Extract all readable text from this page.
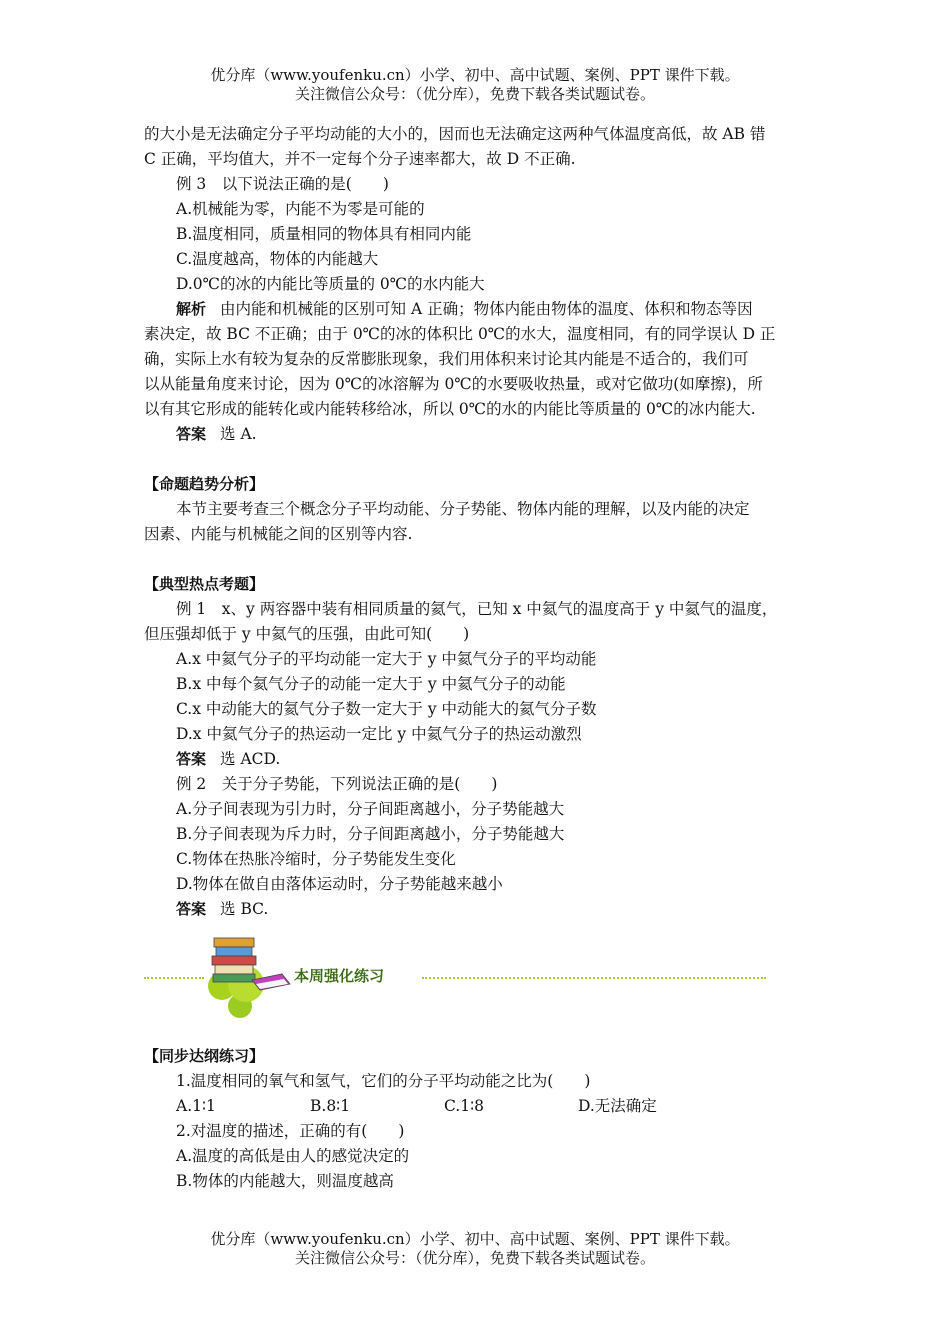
优分库（www.youfenku.cn）小学、初中、高中试题、案例、PPT 课件下载。
关注微信公众号：（优分库），免费下载各类试题试卷。
的大小是无法确定分子平均动能的大小的，因而也无法确定这两种气体温度高低，故 AB 错
C 正确，平均值大，并不一定每个分子速率都大，故 D 不正确.
例 3　以下说法正确的是(　　)
A.机械能为零，内能不为零是可能的
B.温度相同，质量相同的物体具有相同内能
C.温度越高，物体的内能越大
D.0℃的冰的内能比等质量的 0℃的水内能大
解析 由内能和机械能的区别可知 A 正确；物体内能由物体的温度、体积和物态等因
素决定，故 BC 不正确；由于 0℃的冰的体积比 0℃的水大，温度相同，有的同学误认 D 正
确，实际上水有较为复杂的反常膨胀现象，我们用体积来讨论其内能是不适合的，我们可
以从能量角度来讨论，因为 0℃的冰溶解为 0℃的水要吸收热量，或对它做功(如摩擦)，所
以有其它形成的能转化或内能转移给冰，所以 0℃的水的内能比等质量的 0℃的冰内能大.
答案 选 A.
【命题趋势分析】
本节主要考查三个概念分子平均动能、分子势能、物体内能的理解，以及内能的决定
因素、内能与机械能之间的区别等内容.
【典型热点考题】
例 1　x、y 两容器中装有相同质量的氦气，已知 x 中氦气的温度高于 y 中氦气的温度，
但压强却低于 y 中氦气的压强，由此可知(　　)
A.x 中氦气分子的平均动能一定大于 y 中氦气分子的平均动能
B.x 中每个氦气分子的动能一定大于 y 中氦气分子的动能
C.x 中动能大的氦气分子数一定大于 y 中动能大的氦气分子数
D.x 中氦气分子的热运动一定比 y 中氦气分子的热运动激烈
答案 选 ACD.
例 2　关于分子势能，下列说法正确的是(　　)
A.分子间表现为引力时，分子间距离越小，分子势能越大
B.分子间表现为斥力时，分子间距离越小，分子势能越大
C.物体在热胀冷缩时，分子势能发生变化
D.物体在做自由落体运动时，分子势能越来越小
答案 选 BC.
本周强化练习
【同步达纲练习】
1.温度相同的氧气和氢气，它们的分子平均动能之比为(　　)
A.1∶1	B.8∶1	C.1∶8	D.无法确定
2.对温度的描述，正确的有(　　)
A.温度的高低是由人的感觉决定的
B.物体的内能越大，则温度越高
优分库（www.youfenku.cn）小学、初中、高中试题、案例、PPT 课件下载。
关注微信公众号：（优分库），免费下载各类试题试卷。
